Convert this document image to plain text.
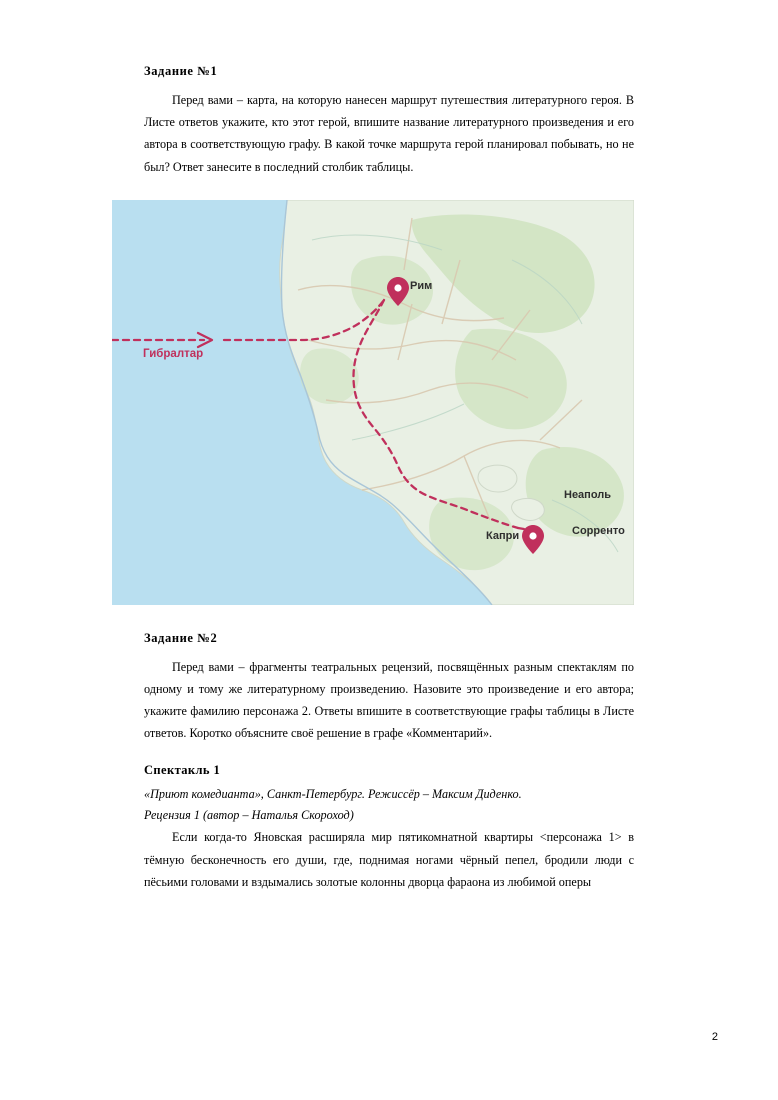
Задание №1

Перед вами – карта, на которую нанесен маршрут путешествия литературного героя. В Листе ответов укажите, кто этот герой, впишите название литературного произведения и его автора в соответствующую графу. В какой точке маршрута герой планировал побывать, но не был? Ответ занесите в последний столбик таблицы.

Рим
Гибралтар
Неаполь
Сорренто
Капри
Задание №2

Перед вами – фрагменты театральных рецензий, посвящённых разным спектаклям по одному и тому же литературному произведению. Назовите это произведение и его автора; укажите фамилию персонажа 2. Ответы впишите в соответствующие графы таблицы в Листе ответов. Коротко объясните своё решение в графе «Комментарий».

Спектакль 1
«Приют комедианта», Санкт-Петербург. Режиссёр – Максим Диденко.
Рецензия 1 (автор – Наталья Скороход)

Если когда-то Яновская расширяла мир пятикомнатной квартиры <персонажа 1> в тёмную бесконечность его души, где, поднимая ногами чёрный пепел, бродили люди с пёсьими головами и вздымались золотые колонны дворца фараона из любимой оперы

2
